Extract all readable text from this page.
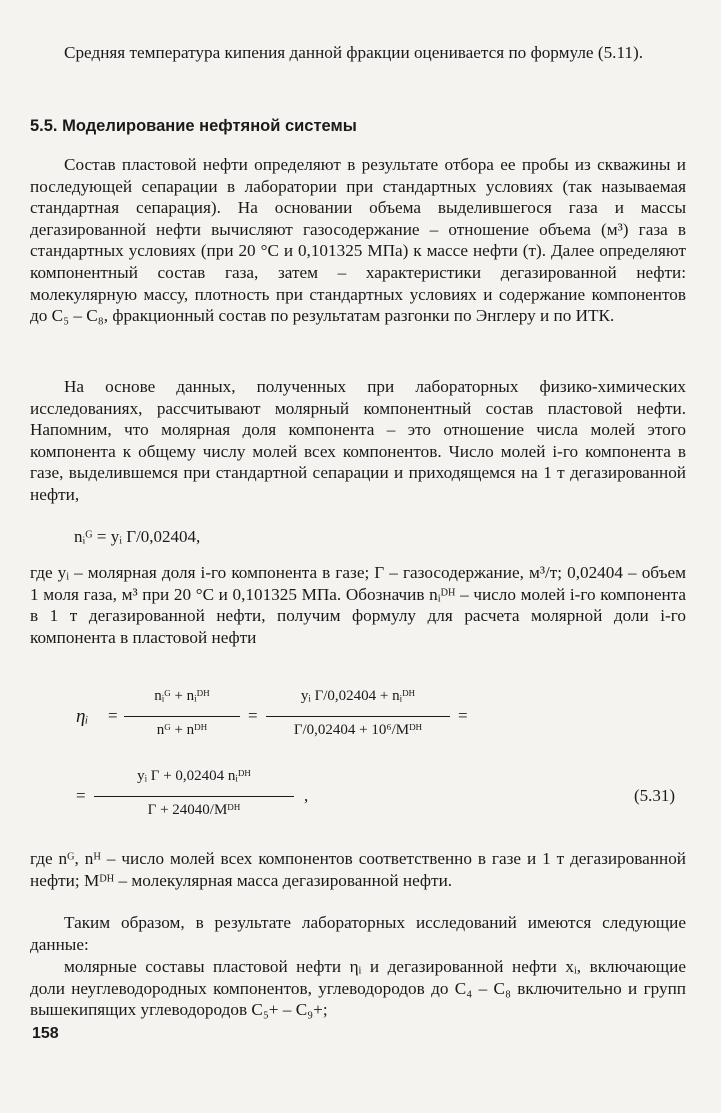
Средняя температура кипения данной фракции оценивается по формуле (5.11).

5.5. Моделирование нефтяной системы

Состав пластовой нефти определяют в результате отбора ее пробы из скважины и последующей сепарации в лаборатории при стандартных условиях (так называемая стандартная сепарация). На основании объема выделившегося газа и массы дегазированной нефти вычисляют газосодержание – отношение объема (м³) газа в стандартных условиях (при 20 °С и 0,101325 МПа) к массе нефти (т). Далее определяют компонентный состав газа, затем – характеристики дегазированной нефти: молекулярную массу, плотность при стандартных условиях и содержание компонентов до C₅ – C₈, фракционный состав по результатам разгонки по Энглеру и по ИТК.

На основе данных, полученных при лабораторных физико-химических исследованиях, рассчитывают молярный компонентный состав пластовой нефти. Напомним, что молярная доля компонента – это отношение числа молей этого компонента к общему числу молей всех компонентов. Число молей i-го компонента в газе, выделившемся при стандартной сепарации и приходящемся на 1 т дегазированной нефти,

nᵢᴳ = yᵢ Г/0,02404,

где yᵢ – молярная доля i-го компонента в газе; Г – газосодержание, м³/т; 0,02404 – объем 1 моля газа, м³ при 20 °С и 0,101325 МПа. Обозначив nᵢᴰᴴ – число молей i-го компонента в 1 т дегазированной нефти, получим формулу для расчета молярной доли i-го компонента в пластовой нефти

ηᵢ =
nᵢᴳ + nᵢᴰᴴ
nᴳ + nᴰᴴ
=
yᵢ Г/0,02404 + nᵢᴰᴴ
Г/0,02404 + 10⁶/Mᴰᴴ
=
=
yᵢ Г + 0,02404 nᵢᴰᴴ
Г + 24040/Mᴰᴴ
,	(5.31)

где nᴳ, nᴴ – число молей всех компонентов соответственно в газе и 1 т дегазированной нефти; Mᴰᴴ – молекулярная масса дегазированной нефти.

Таким образом, в результате лабораторных исследований имеются следующие данные:

молярные составы пластовой нефти ηᵢ и дегазированной нефти xᵢ, включающие доли неуглеводородных компонентов, углеводородов до C₄ – C₈ включительно и групп вышекипящих углеводородов C₅+ – C₉+;

158
